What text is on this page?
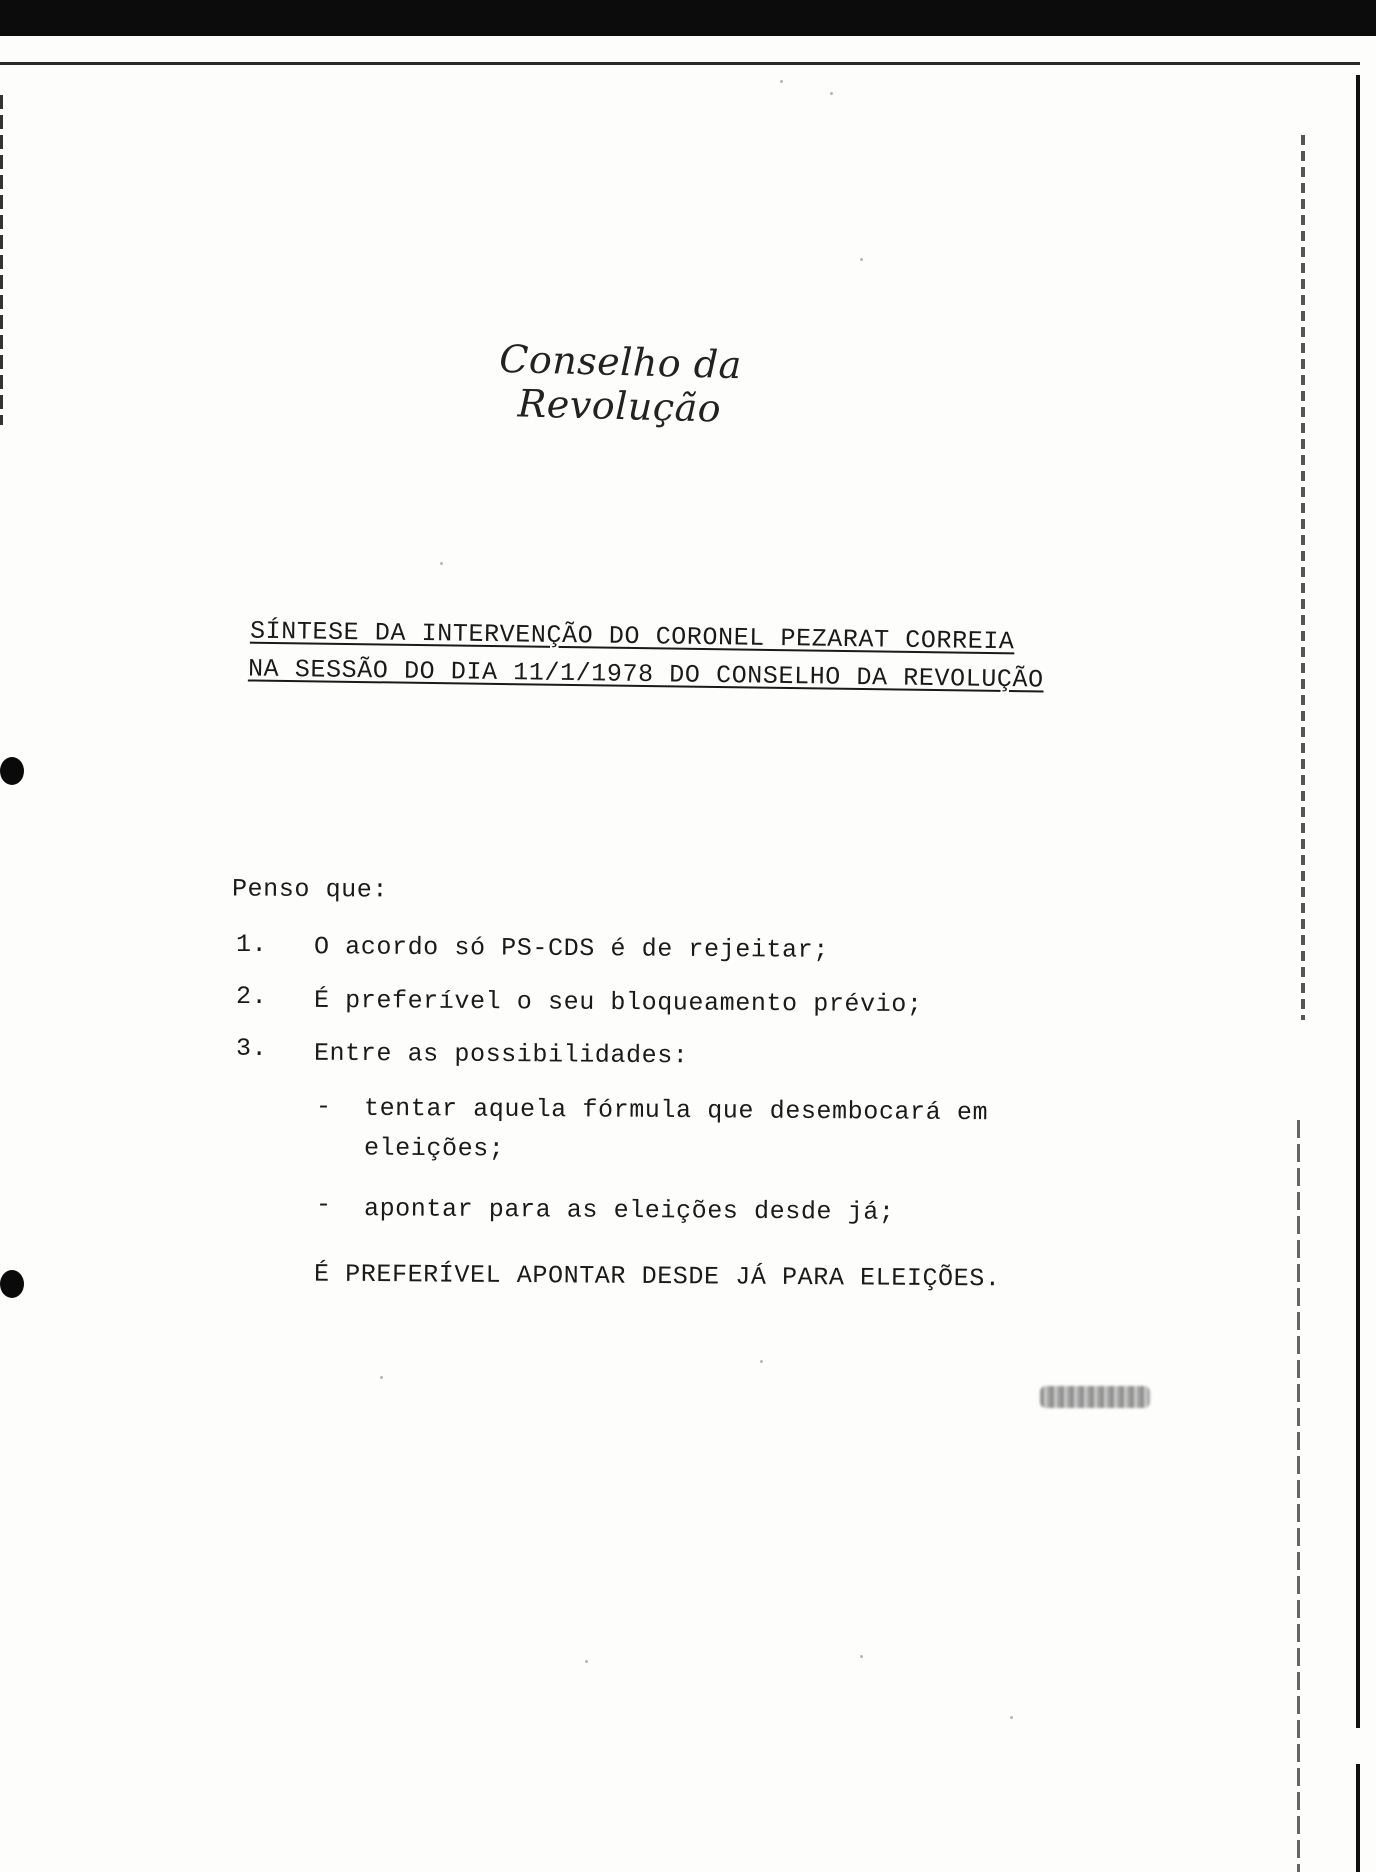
Conselho da Revolução
SÍNTESE DA INTERVENÇÃO DO CORONEL PEZARAT CORREIA
NA SESSÃO DO DIA 11/1/1978 DO CONSELHO DA REVOLUÇÃO
Penso que:
1. O acordo só PS-CDS é de rejeitar;
2. É preferível o seu bloqueamento prévio;
3. Entre as possibilidades:
- tentar aquela fórmula que desembocará em
eleições;
- apontar para as eleições desde já;
É PREFERÍVEL APONTAR DESDE JÁ PARA ELEIÇÕES.
